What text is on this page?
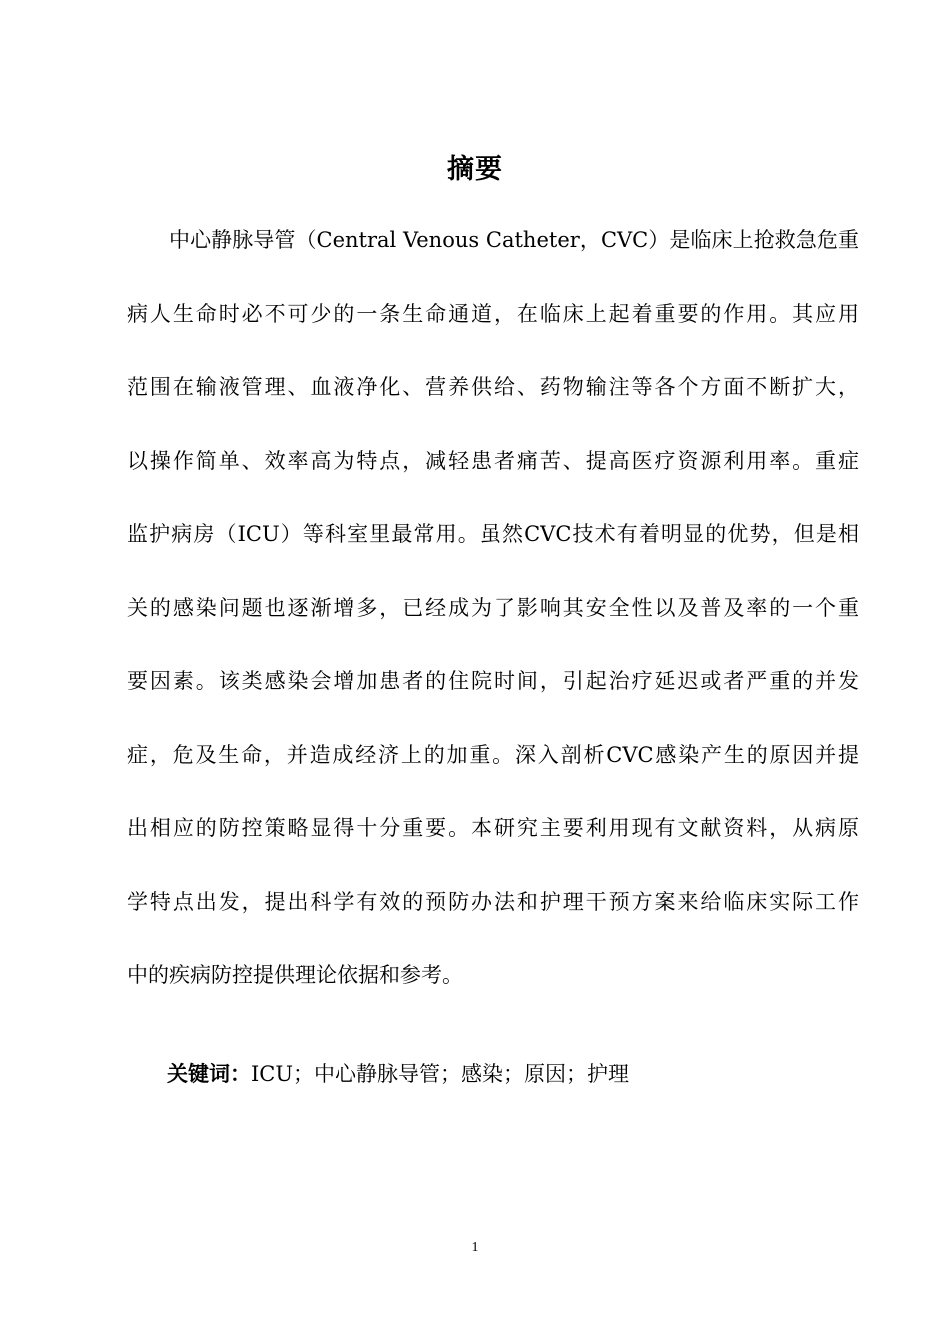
摘要
中心静脉导管（Central Venous Catheter，CVC）是临床上抢救急危重
病人生命时必不可少的一条生命通道，在临床上起着重要的作用。其应用
范围在输液管理、血液净化、营养供给、药物输注等各个方面不断扩大，
以操作简单、效率高为特点，减轻患者痛苦、提高医疗资源利用率。重症
监护病房（ICU）等科室里最常用。虽然CVC技术有着明显的优势，但是相
关的感染问题也逐渐增多，已经成为了影响其安全性以及普及率的一个重
要因素。该类感染会增加患者的住院时间，引起治疗延迟或者严重的并发
症，危及生命，并造成经济上的加重。深入剖析CVC感染产生的原因并提
出相应的防控策略显得十分重要。本研究主要利用现有文献资料，从病原
学特点出发，提出科学有效的预防办法和护理干预方案来给临床实际工作
中的疾病防控提供理论依据和参考。
关键词：ICU；中心静脉导管；感染；原因；护理
1
